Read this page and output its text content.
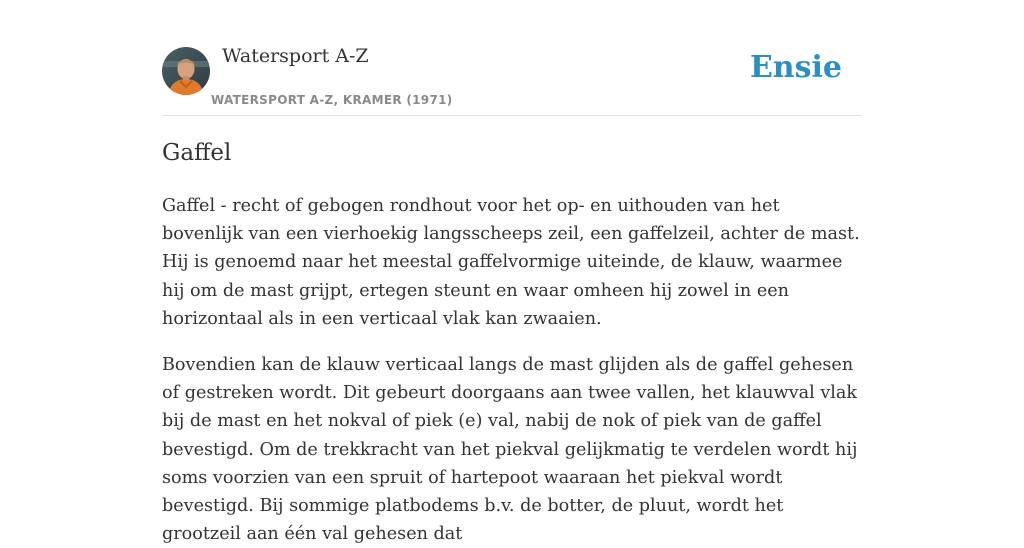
Watersport A-Z
WATERSPORT A-Z, KRAMER (1971)
Ensie
Gaffel

Gaffel - recht of gebogen rondhout voor het op- en uithouden van het bovenlijk van een vierhoekig langsscheeps zeil, een gaffelzeil, achter de mast. Hij is genoemd naar het meestal gaffelvormige uiteinde, de klauw, waarmee hij om de mast grijpt, ertegen steunt en waar omheen hij zowel in een horizontaal als in een verticaal vlak kan zwaaien.

Bovendien kan de klauw verticaal langs de mast glijden als de gaffel gehesen of gestreken wordt. Dit gebeurt doorgaans aan twee vallen, het klauwval vlak bij de mast en het nokval of piek (e) val, nabij de nok of piek van de gaffel bevestigd. Om de trekkracht van het piekval gelijkmatig te verdelen wordt hij soms voorzien van een spruit of hartepoot waaraan het piekval wordt bevestigd. Bij sommige platbodems b.v. de botter, de pluut, wordt het grootzeil aan één val gehesen dat
